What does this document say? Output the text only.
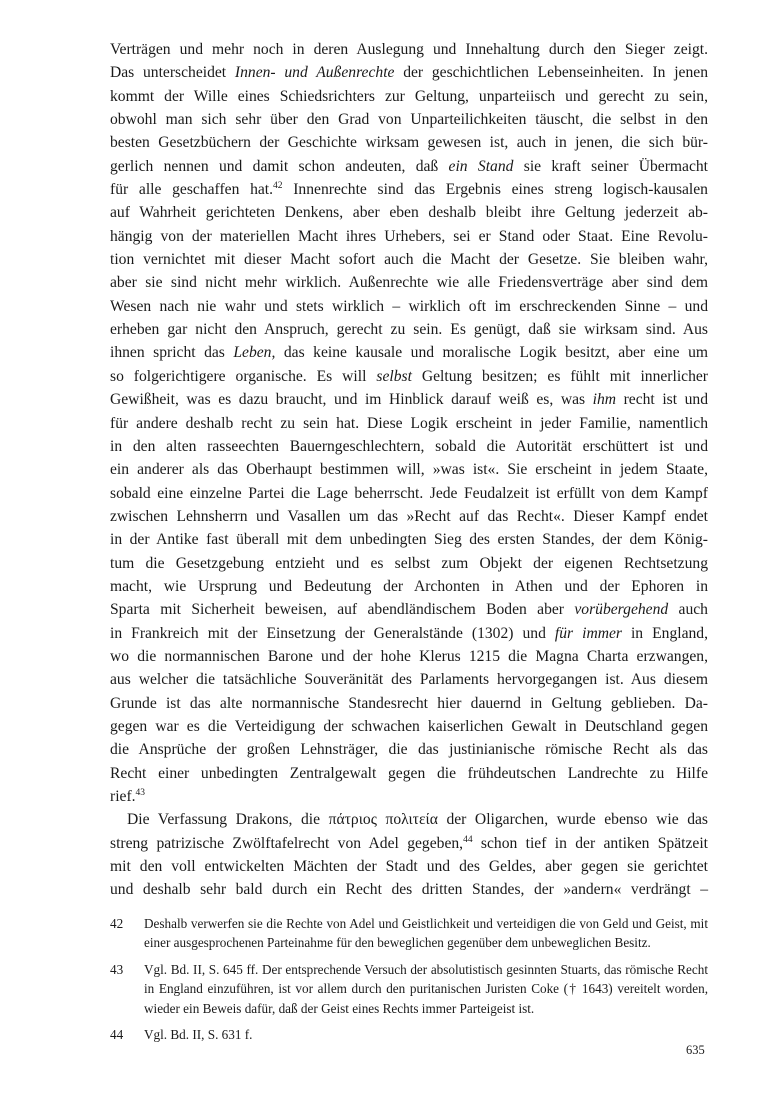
Verträgen und mehr noch in deren Auslegung und Innehaltung durch den Sieger zeigt.
Das unterscheidet Innen- und Außenrechte der geschichtlichen Lebenseinheiten. In jenen
kommt der Wille eines Schiedsrichters zur Geltung, unparteiisch und gerecht zu sein,
obwohl man sich sehr über den Grad von Unparteilichkeiten täuscht, die selbst in den
besten Gesetzbüchern der Geschichte wirksam gewesen ist, auch in jenen, die sich bür-
gerlich nennen und damit schon andeuten, daß ein Stand sie kraft seiner Übermacht
für alle geschaffen hat.$^{42}$ Innenrechte sind das Ergebnis eines streng logisch-kausalen
auf Wahrheit gerichteten Denkens, aber eben deshalb bleibt ihre Geltung jederzeit ab-
hängig von der materiellen Macht ihres Urhebers, sei er Stand oder Staat. Eine Revolu-
tion vernichtet mit dieser Macht sofort auch die Macht der Gesetze. Sie bleiben wahr,
aber sie sind nicht mehr wirklich. Außenrechte wie alle Friedensverträge aber sind dem
Wesen nach nie wahr und stets wirklich – wirklich oft im erschreckenden Sinne – und
erheben gar nicht den Anspruch, gerecht zu sein. Es genügt, daß sie wirksam sind. Aus
ihnen spricht das Leben, das keine kausale und moralische Logik besitzt, aber eine um
so folgerichtigere organische. Es will selbst Geltung besitzen; es fühlt mit innerlicher
Gewißheit, was es dazu braucht, und im Hinblick darauf weiß es, was ihm recht ist und
für andere deshalb recht zu sein hat. Diese Logik erscheint in jeder Familie, namentlich
in den alten rasseechten Bauerngeschlechtern, sobald die Autorität erschüttert ist und
ein anderer als das Oberhaupt bestimmen will, »was ist«. Sie erscheint in jedem Staate,
sobald eine einzelne Partei die Lage beherrscht. Jede Feudalzeit ist erfüllt von dem Kampf
zwischen Lehnsherrn und Vasallen um das »Recht auf das Recht«. Dieser Kampf endet
in der Antike fast überall mit dem unbedingten Sieg des ersten Standes, der dem König-
tum die Gesetzgebung entzieht und es selbst zum Objekt der eigenen Rechtsetzung
macht, wie Ursprung und Bedeutung der Archonten in Athen und der Ephoren in
Sparta mit Sicherheit beweisen, auf abendländischem Boden aber vorübergehend auch
in Frankreich mit der Einsetzung der Generalstände (1302) und für immer in England,
wo die normannischen Barone und der hohe Klerus 1215 die Magna Charta erzwangen,
aus welcher die tatsächliche Souveränität des Parlaments hervorgegangen ist. Aus diesem
Grunde ist das alte normannische Standesrecht hier dauernd in Geltung geblieben. Da-
gegen war es die Verteidigung der schwachen kaiserlichen Gewalt in Deutschland gegen
die Ansprüche der großen Lehnsträger, die das justinianische römische Recht als das
Recht einer unbedingten Zentralgewalt gegen die frühdeutschen Landrechte zu Hilfe
rief.$^{43}$
Die Verfassung Drakons, die πάτριος πολιτεία der Oligarchen, wurde ebenso wie das
streng patrizische Zwölftafelrecht von Adel gegeben,$^{44}$ schon tief in der antiken Spätzeit
mit den voll entwickelten Mächten der Stadt und des Geldes, aber gegen sie gerichtet
und deshalb sehr bald durch ein Recht des dritten Standes, der »andern« verdrängt –
42	Deshalb verwerfen sie die Rechte von Adel und Geistlichkeit und verteidigen die von Geld und Geist, mit einer ausgesprochenen Parteinahme für den beweglichen gegenüber dem unbeweglichen Besitz.
43	Vgl. Bd. II, S. 645 ff. Der entsprechende Versuch der absolutistisch gesinnten Stuarts, das römische Recht in England einzuführen, ist vor allem durch den puritanischen Juristen Coke († 1643) vereitelt worden, wieder ein Beweis dafür, daß der Geist eines Rechts immer Parteigeist ist.
44	Vgl. Bd. II, S. 631 f.
635
